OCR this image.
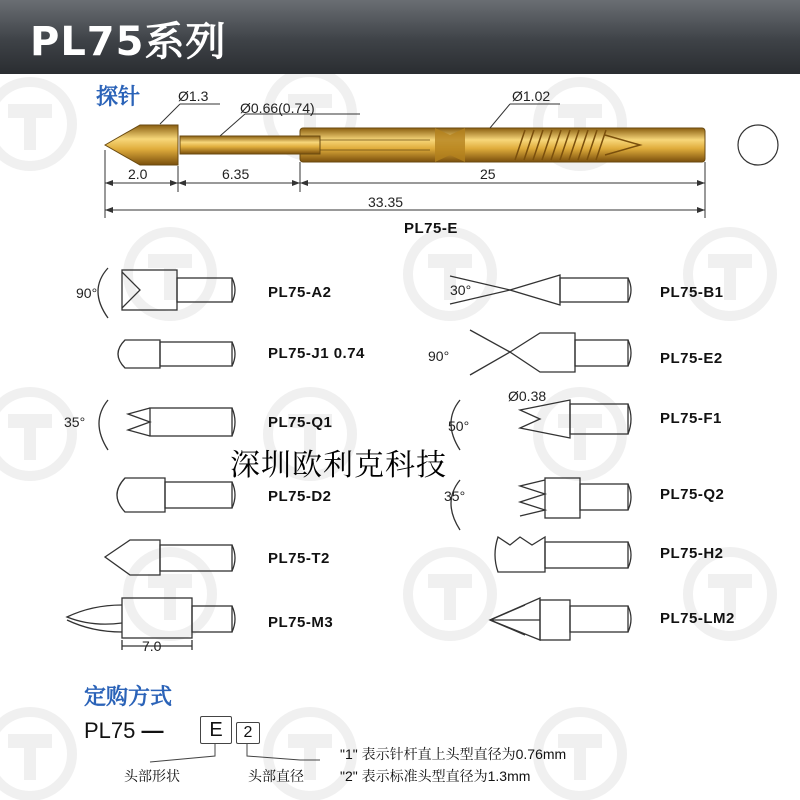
PL75系列
探针	Ø1.3
Ø0.66(0.74)
Ø1.02
2.0	6.35	25
33.35
PL75-E
90°	PL75-A2
PL75-J1 0.74
35°	PL75-Q1
PL75-D2
PL75-T2
7.0
PL75-M3
30°	PL75-B1
90°	PL75-E2
Ø0.38
50°	PL75-F1
35°	PL75-Q2
PL75-H2
PL75-LM2
深圳欧利克科技
定购方式
PL75 —	E	2
头部形状	头部直径
"1" 表示针杆直上头型直径为0.76mm
"2" 表示标准头型直径为1.3mm
